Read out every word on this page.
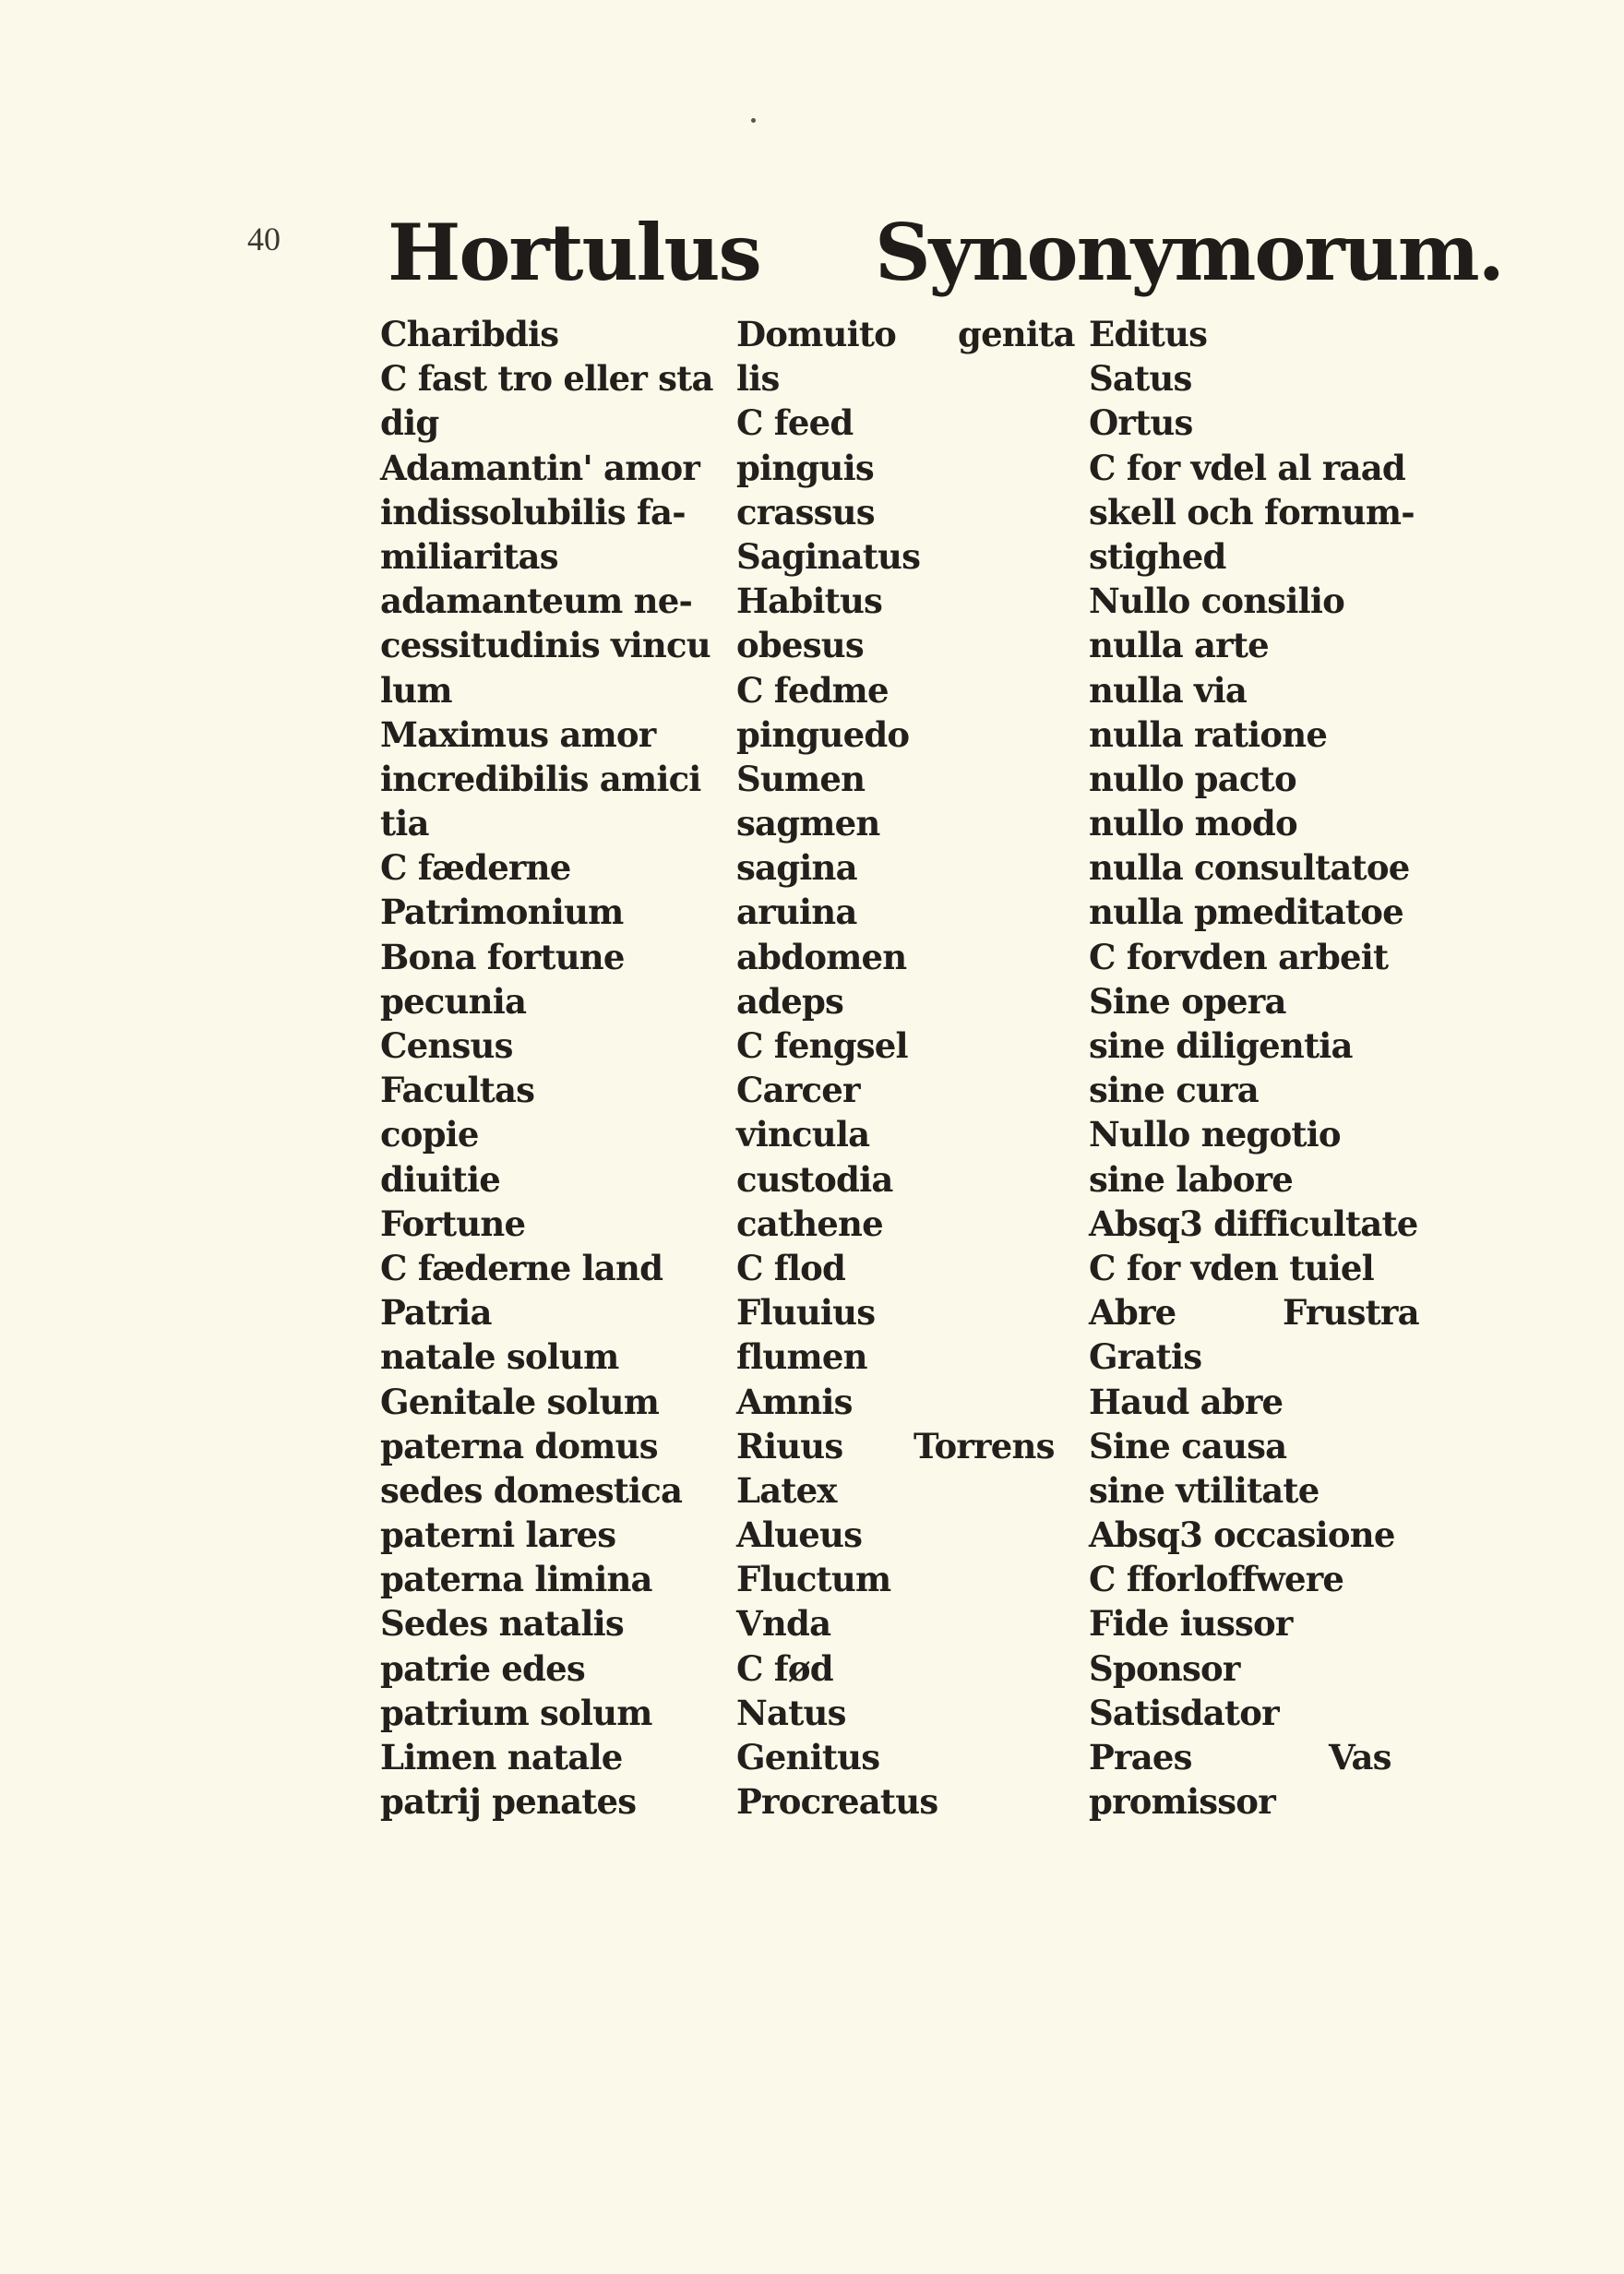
40 Hortulus Synonymorum.
Charibdis
C fast tro eller sta
dig
Adamantin' amor
indissolubilis fa-
miliaritas
adamanteum ne-
cessitudinis vincu
lum
Maximus amor
incredibilis amici
tia
C fæderne
Patrimonium
Bona fortune
pecunia
Census
Facultas
copie
diuitie
Fortune
C fæderne land
Patria
natale solum
Genitale solum
paterna domus
sedes domestica
paterni lares
paterna limina
Sedes natalis
patrie edes
patrium solum
Limen natale
patrij penates
Domuito
lis
C feed
pinguis
crassus
Saginatus
Habitus
obesus
C fedme
pinguedo
Sumen
sagmen
sagina
aruina
abdomen
adeps
C fengsel
Carcer
vincula
custodia
cathene
C flod
Fluuius
flumen
Amnis
Riuus
Latex
Alueus
Fluctum
Vnda
C fød
Natus
Genitus
Procreatus
genita
Torrens
Editus
Satus
Ortus
C for vdel al raad
skell och fornum-
stighed
Nullo consilio
nulla arte
nulla via
nulla ratione
nullo pacto
nullo modo
nulla consultatoe
nulla pmeditatoe
C forvden arbeit
Sine opera
sine diligentia
sine cura
Nullo negotio
sine labore
Absq3 difficultate
C for vden tuiel
Abre
Gratis
Haud abre
Sine causa
sine vtilitate
Absq3 occasione
C fforloffwere
Fide iussor
Sponsor
Satisdator
Praes
promissor
Frustra
Vas
